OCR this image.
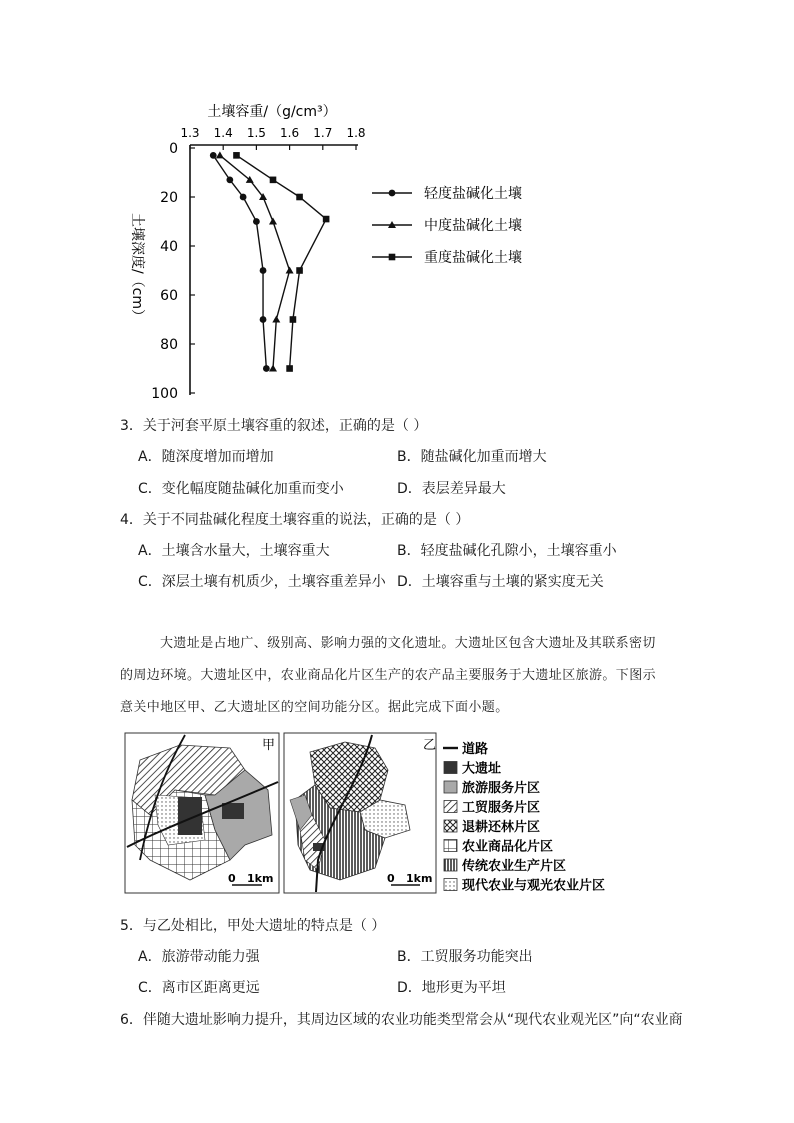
土壤容重/（g/cm³）
1.3 1.4 1.5 1.6 1.7 1.8
0
20
40
60
80
100
轻度盐碱化土壤
中度盐碱化土壤
重度盐碱化土壤
土壤深度/（cm）
3．关于河套平原土壤容重的叙述，正确的是（ ）
A．随深度增加而增加	B．随盐碱化加重而增大
C．变化幅度随盐碱化加重而变小	D．表层差异最大
4．关于不同盐碱化程度土壤容重的说法，正确的是（ ）
A．土壤含水量大，土壤容重大	B．轻度盐碱化孔隙小，土壤容重小
C．深层土壤有机质少，土壤容重差异小 D．土壤容重与土壤的紧实度无关
大遗址是占地广、级别高、影响力强的文化遗址。大遗址区包含大遗址及其联系密切
的周边环境。大遗址区中，农业商品化片区生产的农产品主要服务于大遗址区旅游。下图示
意关中地区甲、乙大遗址区的空间功能分区。据此完成下面小题。
甲
0 1km
乙
0 1km
道路
大遗址
旅游服务片区
工贸服务片区
退耕还林片区
农业商品化片区
传统农业生产片区
现代农业与观光农业片区
5．与乙处相比，甲处大遗址的特点是（ ）
A．旅游带动能力强	B．工贸服务功能突出
C．离市区距离更远	D．地形更为平坦
6．伴随大遗址影响力提升，其周边区域的农业功能类型常会从“现代农业观光区”向“农业商
